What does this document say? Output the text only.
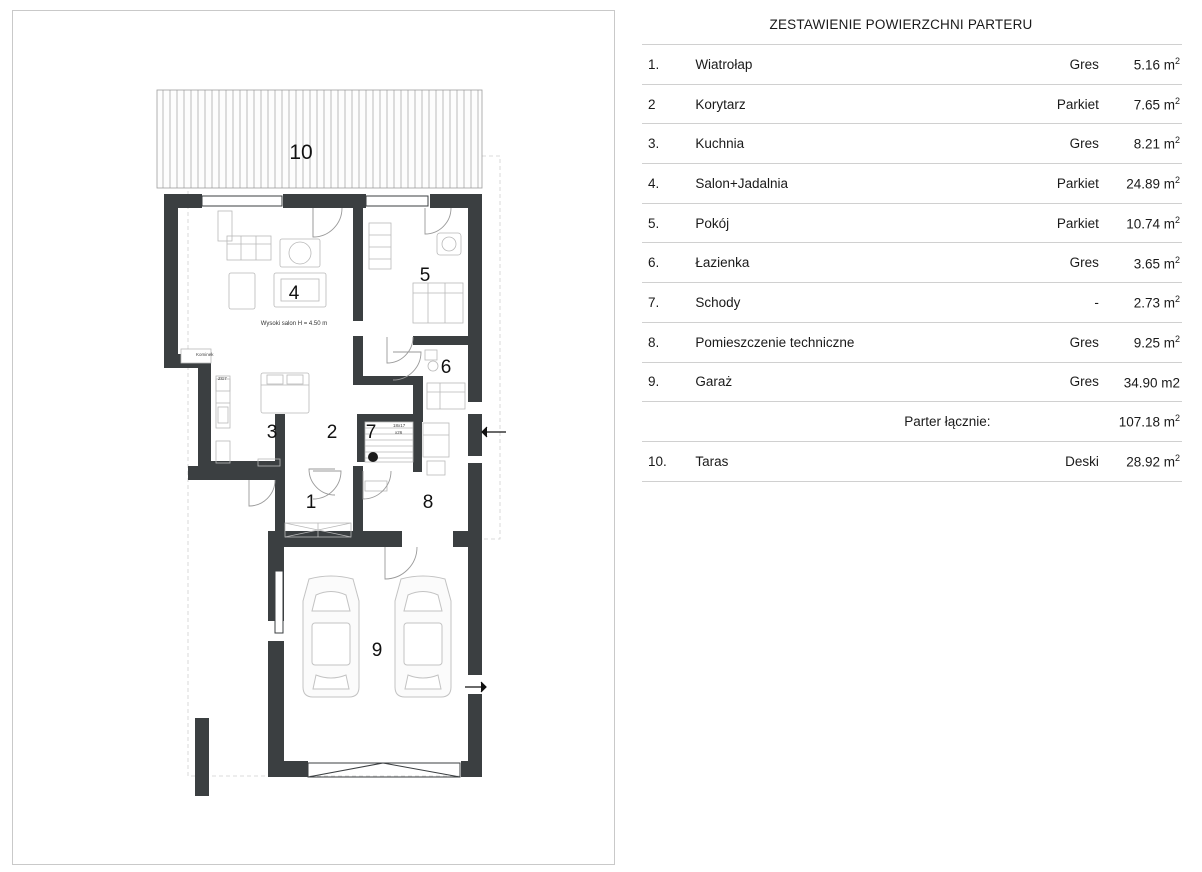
10
4
5
6
3	2 7
1	8
9
Wysoki salon H = 4.50 m
Kominek
18x17
x26
I od
ZG7
ZESTAWIENIE POWIERZCHNI PARTERU
1.	Wiatrołap	Gres	5.16 $m^2$
2	Korytarz	Parkiet	7.65 $m^2$
3.	Kuchnia	Gres	8.21 $m^2$
4.	Salon+Jadalnia	Parkiet	24.89 $m^2$
5.	Pokój	Parkiet	10.74 $m^2$
6.	Łazienka	Gres	3.65 $m^2$
7.	Schody	-	2.73 $m^2$
8.	Pomieszczenie techniczne	Gres	9.25 $m^2$
9.	Garaż	Gres	34.90 m2
	Parter łącznie:		107.18 $m^2$
10.	Taras	Deski	28.92 $m^2$
